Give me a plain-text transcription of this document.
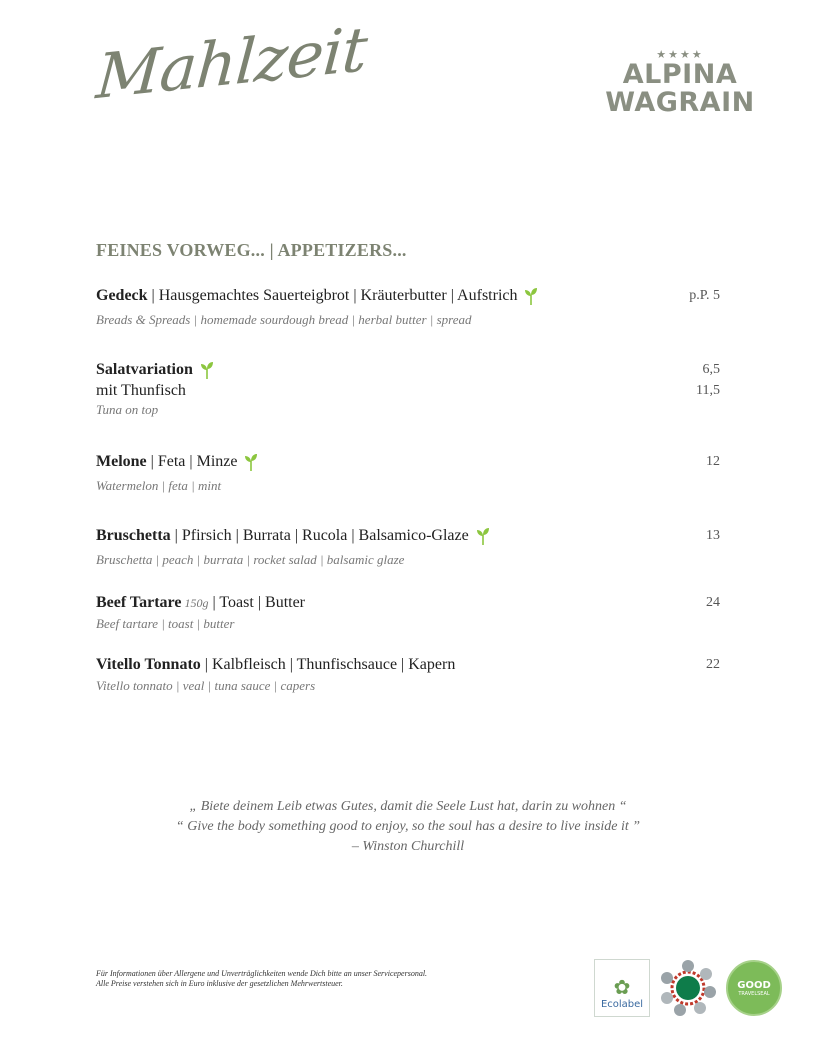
Mahlzeit	★★★★
ALPINA
WAGRAIN
FEINES VORWEG... | APPETIZERS...
Gedeck | Hausgemachtes Sauerteigbrot | Kräuterbutter | Aufstrich	p.P. 5
Breads & Spreads | homemade sourdough bread | herbal butter | spread
Salatvariation	6,5
mit Thunfisch	11,5
Tuna on top
Melone | Feta | Minze	12
Watermelon | feta | mint
Bruschetta | Pfirsich | Burrata | Rucola | Balsamico-Glaze	13
Bruschetta | peach | burrata | rocket salad | balsamic glaze
Beef Tartare 150g | Toast | Butter	24
Beef tartare | toast | butter
Vitello Tonnato | Kalbfleisch | Thunfischsauce | Kapern	22
Vitello tonnato | veal | tuna sauce | capers
„ Biete deinem Leib etwas Gutes, damit die Seele Lust hat, darin zu wohnen “
“ Give the body something good to enjoy, so the soul has a desire to live inside it ”
– Winston Churchill
Für Informationen über Allergene und Unverträglichkeiten wende Dich bitte an unser Servicepersonal.
Alle Preise verstehen sich in Euro inklusive der gesetzlichen Mehrwertsteuer.	✿
Ecolabel
GOOD
TRAVELSEAL
